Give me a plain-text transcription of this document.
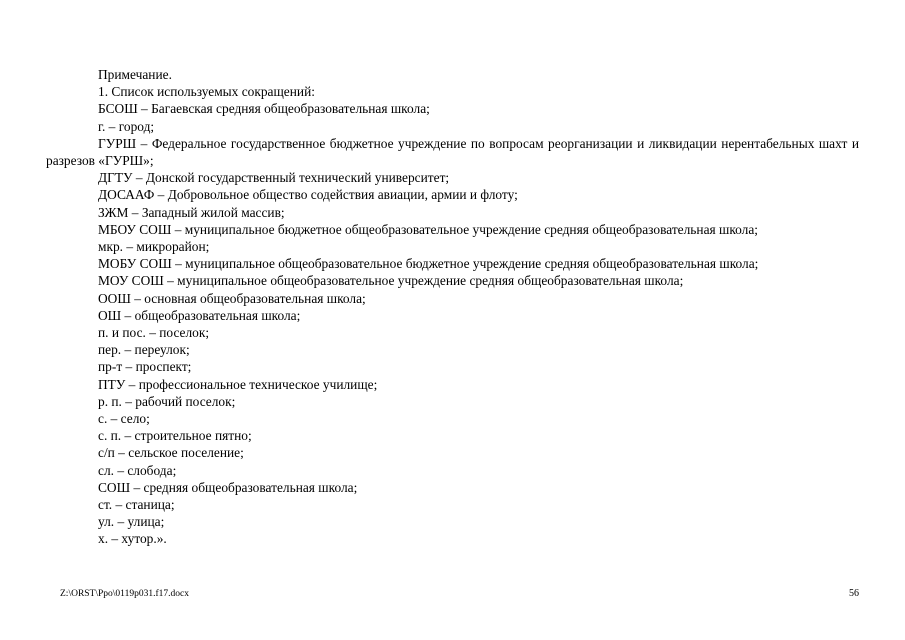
Примечание.

1. Список используемых сокращений:

БСОШ – Багаевская средняя общеобразовательная школа;

г. – город;

ГУРШ – Федеральное государственное бюджетное учреждение по вопросам реорганизации и ликвидации нерентабельных шахт и разрезов «ГУРШ»;

ДГТУ – Донской государственный технический университет;

ДОСААФ – Добровольное общество содействия авиации, армии и флоту;

ЗЖМ – Западный жилой массив;

МБОУ СОШ – муниципальное бюджетное общеобразовательное учреждение средняя общеобразовательная школа;

мкр. – микрорайон;

МОБУ СОШ – муниципальное общеобразовательное бюджетное учреждение средняя общеобразовательная школа;

МОУ СОШ – муниципальное общеобразовательное учреждение средняя общеобразовательная школа;

ООШ – основная общеобразовательная школа;

ОШ – общеобразовательная школа;

п. и пос. – поселок;

пер. – переулок;

пр-т – проспект;

ПТУ – профессиональное техническое училище;

р. п. – рабочий поселок;

с. – село;

с. п. – строительное пятно;

с/п – сельское поселение;

сл. – слобода;

СОШ – средняя общеобразовательная школа;

ст. – станица;

ул. – улица;

х. – хутор.».

Z:\ORST\Ppo\0119p031.f17.docx	56
